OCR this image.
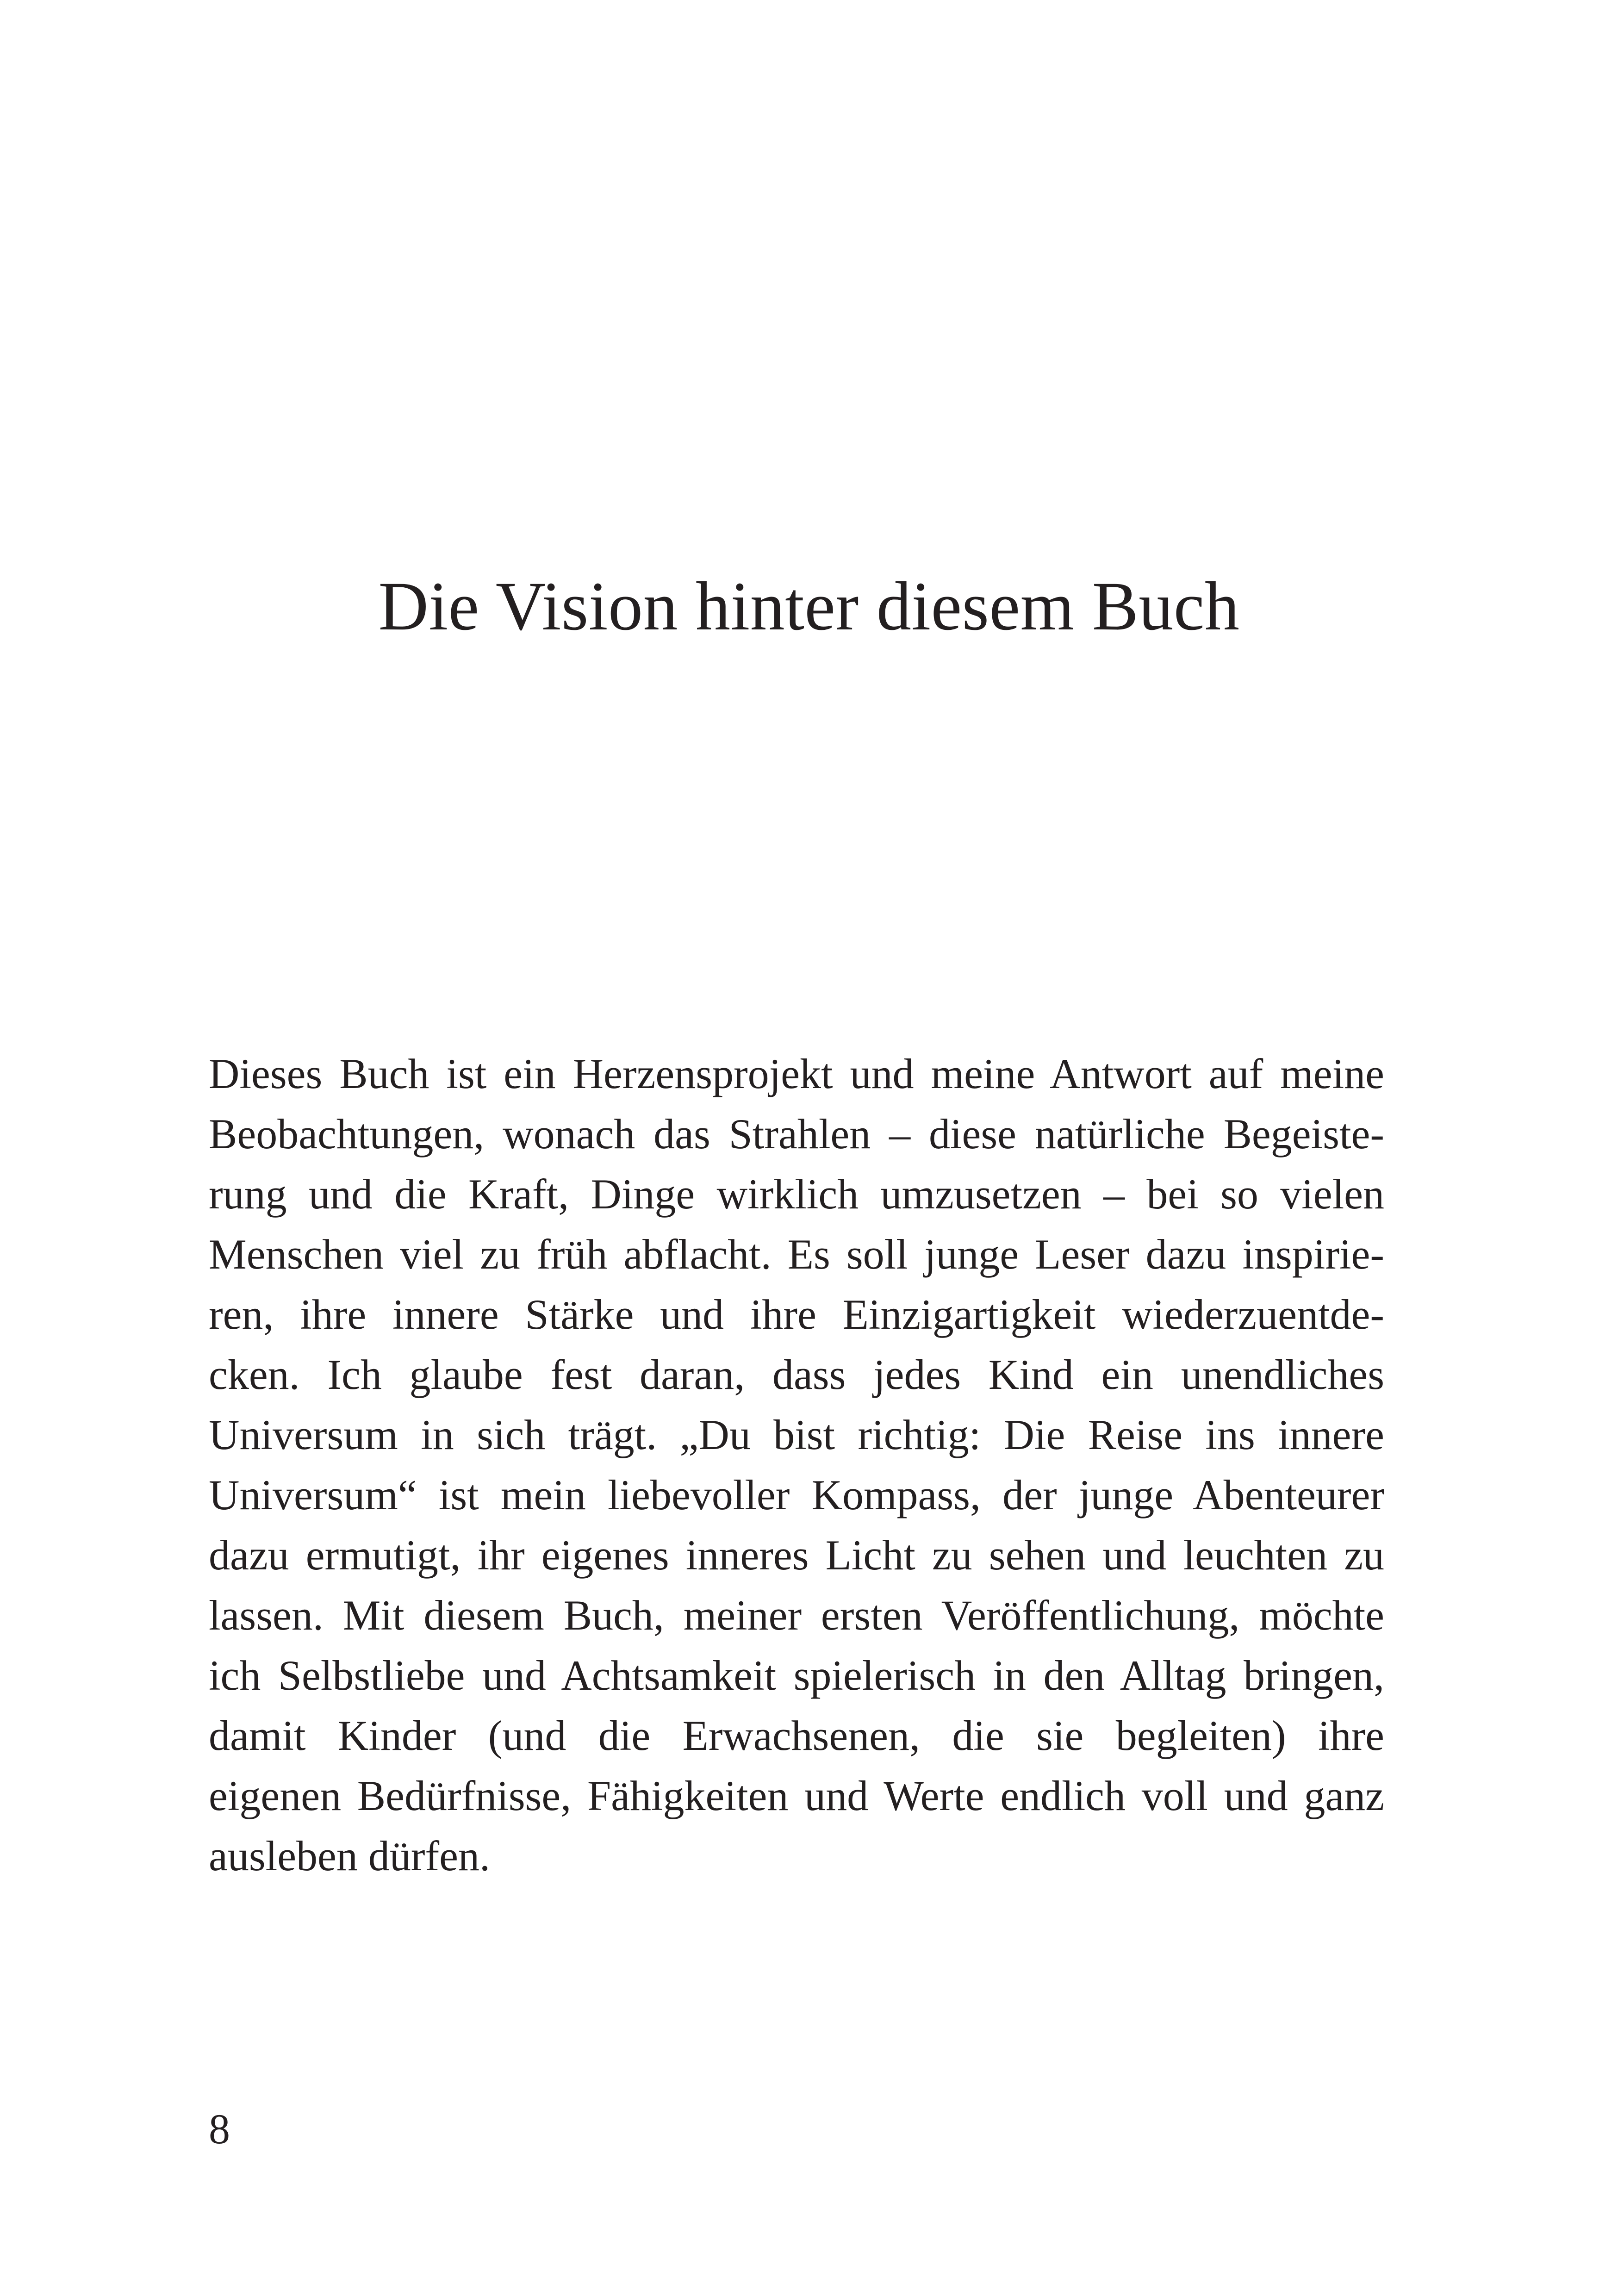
Die Vision hinter diesem Buch
Dieses Buch ist ein Herzensprojekt und meine Antwort auf meine
Beobachtungen, wonach das Strahlen – diese natürliche Begeiste-
rung und die Kraft, Dinge wirklich umzusetzen – bei so vielen
Menschen viel zu früh abflacht. Es soll junge Leser dazu inspirie-
ren, ihre innere Stärke und ihre Einzigartigkeit wiederzuentde-
cken. Ich glaube fest daran, dass jedes Kind ein unendliches
Universum in sich trägt. „Du bist richtig: Die Reise ins innere
Universum“ ist mein liebevoller Kompass, der junge Abenteurer
dazu ermutigt, ihr eigenes inneres Licht zu sehen und leuchten zu
lassen. Mit diesem Buch, meiner ersten Veröffentlichung, möchte
ich Selbstliebe und Achtsamkeit spielerisch in den Alltag bringen,
damit Kinder (und die Erwachsenen, die sie begleiten) ihre
eigenen Bedürfnisse, Fähigkeiten und Werte endlich voll und ganz
ausleben dürfen.

8
